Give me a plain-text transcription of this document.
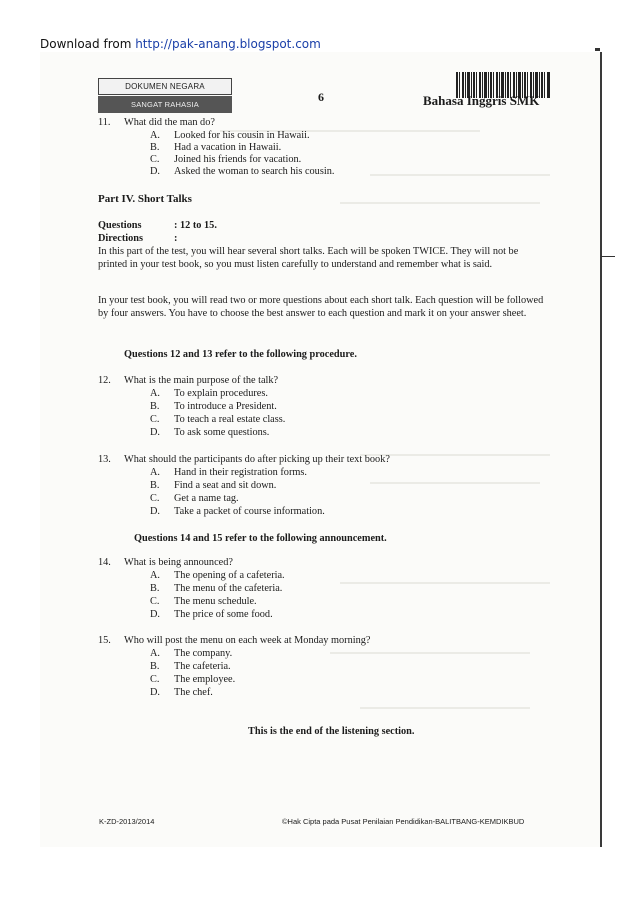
Download from http://pak-anang.blogspot.com
DOKUMEN NEGARA
SANGAT RAHASIA
6	Bahasa Inggris SMK
11. What did the man do?
A. Looked for his cousin in Hawaii.
B. Had a vacation in Hawaii.
C. Joined his friends for vacation.
D. Asked the woman to search his cousin.
Part IV. Short Talks
Questions	: 12 to 15.
Directions	:
In this part of the test, you will hear several short talks. Each will be spoken TWICE. They will not be printed in your test book, so you must listen carefully to understand and remember what is said.
In your test book, you will read two or more questions about each short talk. Each question will be followed by four answers. You have to choose the best answer to each question and mark it on your answer sheet.
Questions 12 and 13 refer to the following procedure.
12. What is the main purpose of the talk?
A. To explain procedures.
B. To introduce a President.
C. To teach a real estate class.
D. To ask some questions.
13. What should the participants do after picking up their text book?
A. Hand in their registration forms.
B. Find a seat and sit down.
C. Get a name tag.
D. Take a packet of course information.
Questions 14 and 15 refer to the following announcement.
14. What is being announced?
A. The opening of a cafeteria.
B. The menu of the cafeteria.
C. The menu schedule.
D. The price of some food.
15. Who will post the menu on each week at Monday morning?
A. The company.
B. The cafeteria.
C. The employee.
D. The chef.
This is the end of the listening section.
K-ZD-2013/2014	©Hak Cipta pada Pusat Penilaian Pendidikan-BALITBANG-KEMDIKBUD
